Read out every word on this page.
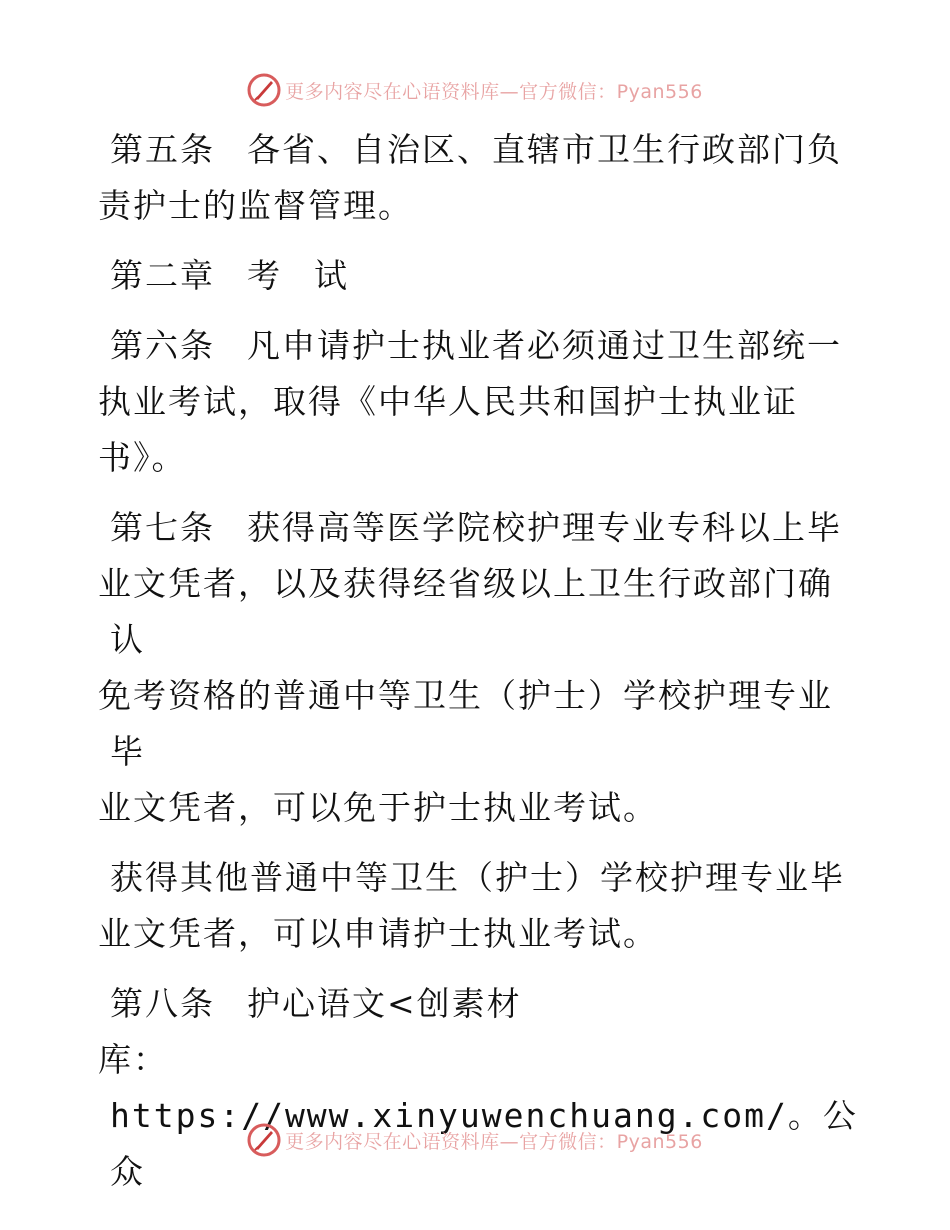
更多内容尽在心语资料库—官方微信：Pyan556

第五条 各省、自治区、直辖市卫生行政部门负
责护士的监督管理。

第二章 考 试

第六条 凡申请护士执业者必须通过卫生部统一
执业考试，取得《中华人民共和国护士执业证
书》。

第七条 获得高等医学院校护理专业专科以上毕
业文凭者，以及获得经省级以上卫生行政部门确认
免考资格的普通中等卫生（护士）学校护理专业毕
业文凭者，可以免于护士执业考试。

获得其他普通中等卫生（护士）学校护理专业毕
业文凭者，可以申请护士执业考试。

第八条 护心语文<创素材
库：https://www.xinyuwenchuang.com/。公众

更多内容尽在心语资料库—官方微信：Pyan556
